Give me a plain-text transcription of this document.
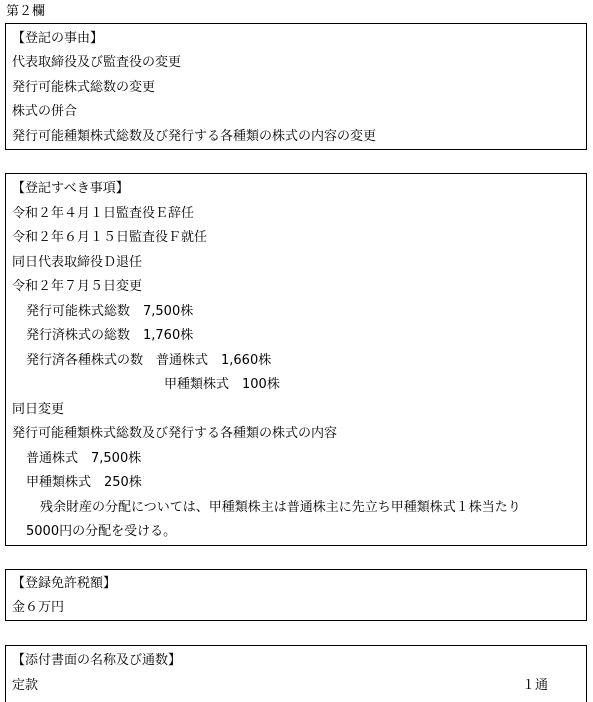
第２欄
【登記の事由】
代表取締役及び監査役の変更
発行可能株式総数の変更
株式の併合
発行可能種類株式総数及び発行する各種類の株式の内容の変更
【登記すべき事項】
令和２年４月１日監査役Ｅ辞任
令和２年６月１５日監査役Ｆ就任
同日代表取締役Ｄ退任
令和２年７月５日変更
発行可能株式総数　7,500株
発行済株式の総数　1,760株
発行済各種株式の数　普通株式　1,660株
甲種類株式　100株
同日変更
発行可能種類株式総数及び発行する各種類の株式の内容
普通株式　7,500株
甲種類株式　250株
残余財産の分配については、甲種類株主は普通株主に先立ち甲種類株式１株当たり
5000円の分配を受ける。
【登録免許税額】
金６万円
【添付書面の名称及び通数】
定款	１通
